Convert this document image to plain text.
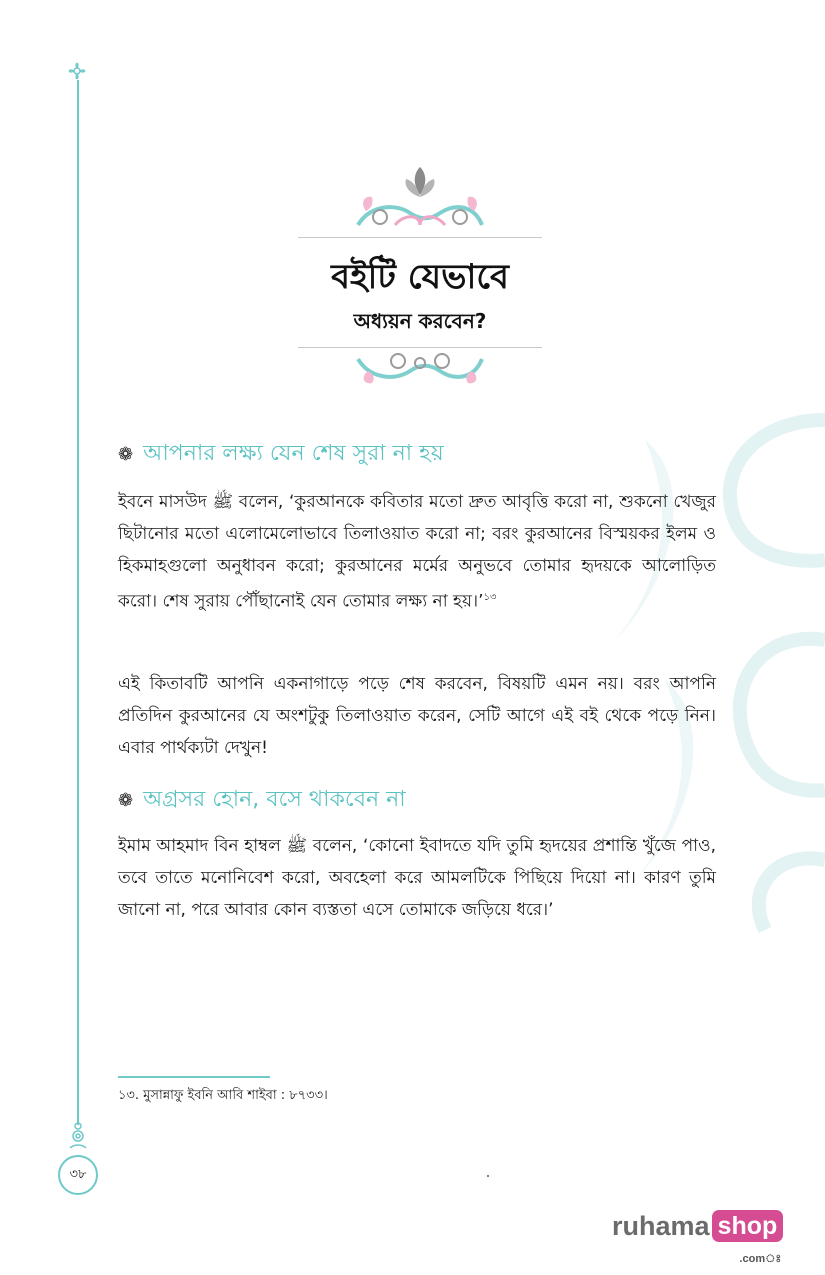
৩৮
বইটি যেভাবে
অধ্যয়ন করবেন?
❁ আপনার লক্ষ্য যেন শেষ সুরা না হয়
ইবনে মাসউদ ﷺ বলেন, ‘কুরআনকে কবিতার মতো দ্রুত আবৃত্তি করো না, শুকনো খেজুর ছিটানোর মতো এলোমেলোভাবে তিলাওয়াত করো না; বরং কুরআনের বিস্ময়কর ইলম ও হিকমাহগুলো অনুধাবন করো; কুরআনের মর্মের অনুভবে তোমার হৃদয়কে আলোড়িত করো। শেষ সুরায় পৌঁছানোই যেন তোমার লক্ষ্য না হয়।’$^{১৩}$
এই কিতাবটি আপনি একনাগাড়ে পড়ে শেষ করবেন, বিষয়টি এমন নয়। বরং আপনি প্রতিদিন কুরআনের যে অংশটুকু তিলাওয়াত করেন, সেটি আগে এই বই থেকে পড়ে নিন। এবার পার্থক্যটা দেখুন!
❁ অগ্রসর হোন, বসে থাকবেন না
ইমাম আহমাদ বিন হাম্বল ﷺ বলেন, ‘কোনো ইবাদতে যদি তুমি হৃদয়ের প্রশান্তি খুঁজে পাও, তবে তাতে মনোনিবেশ করো, অবহেলা করে আমলটিকে পিছিয়ে দিয়ো না। কারণ তুমি জানো না, পরে আবার কোন ব্যস্ততা এসে তোমাকে জড়িয়ে ধরে।’
১৩. মুসান্নাফু ইবনি আবি শাইবা : ৮৭৩৩।
ruhama shop
.comঃ
